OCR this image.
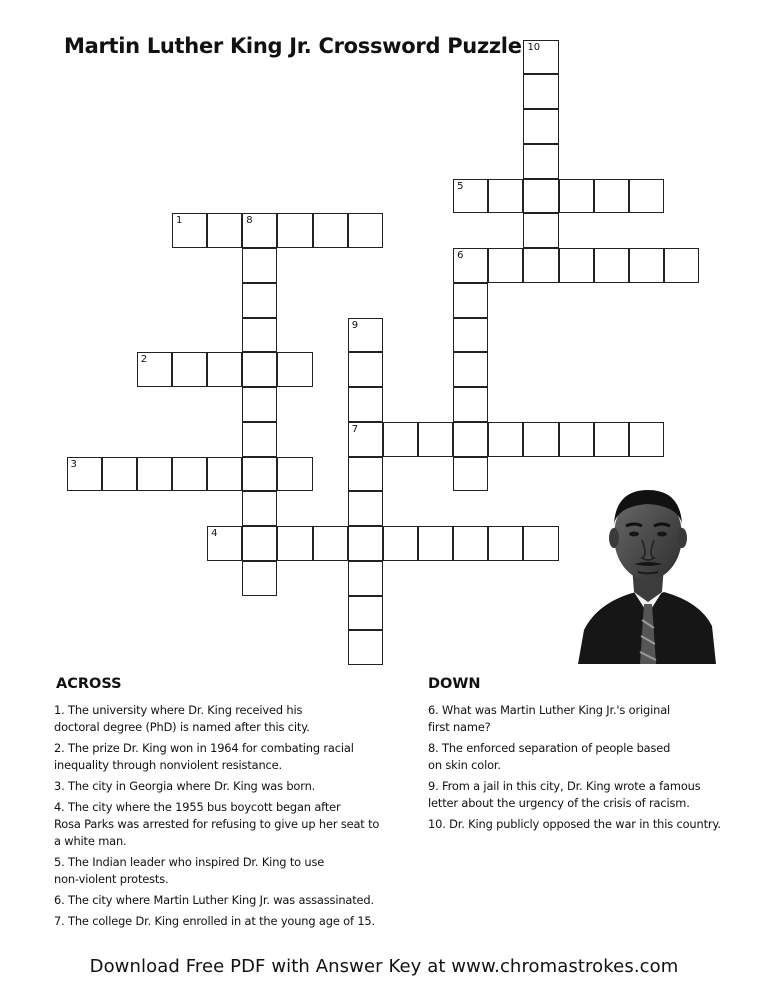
Martin Luther King Jr. Crossword Puzzle
1	8
2
3
4
5
6
7
9
10
ACROSS	DOWN
1. The university where Dr. King received his
doctoral degree (PhD) is named after this city.
2. The prize Dr. King won in 1964 for combating racial
inequality through nonviolent resistance.
3. The city in Georgia where Dr. King was born.
4. The city where the 1955 bus boycott began after
Rosa Parks was arrested for refusing to give up her seat to
a white man.
5. The Indian leader who inspired Dr. King to use
non-violent protests.
6. The city where Martin Luther King Jr. was assassinated.
7. The college Dr. King enrolled in at the young age of 15.
6. What was Martin Luther King Jr.'s original
first name?
8. The enforced separation of people based
on skin color.
9. From a jail in this city, Dr. King wrote a famous
letter about the urgency of the crisis of racism.
10. Dr. King publicly opposed the war in this country.

Download Free PDF with Answer Key at www.chromastrokes.com
